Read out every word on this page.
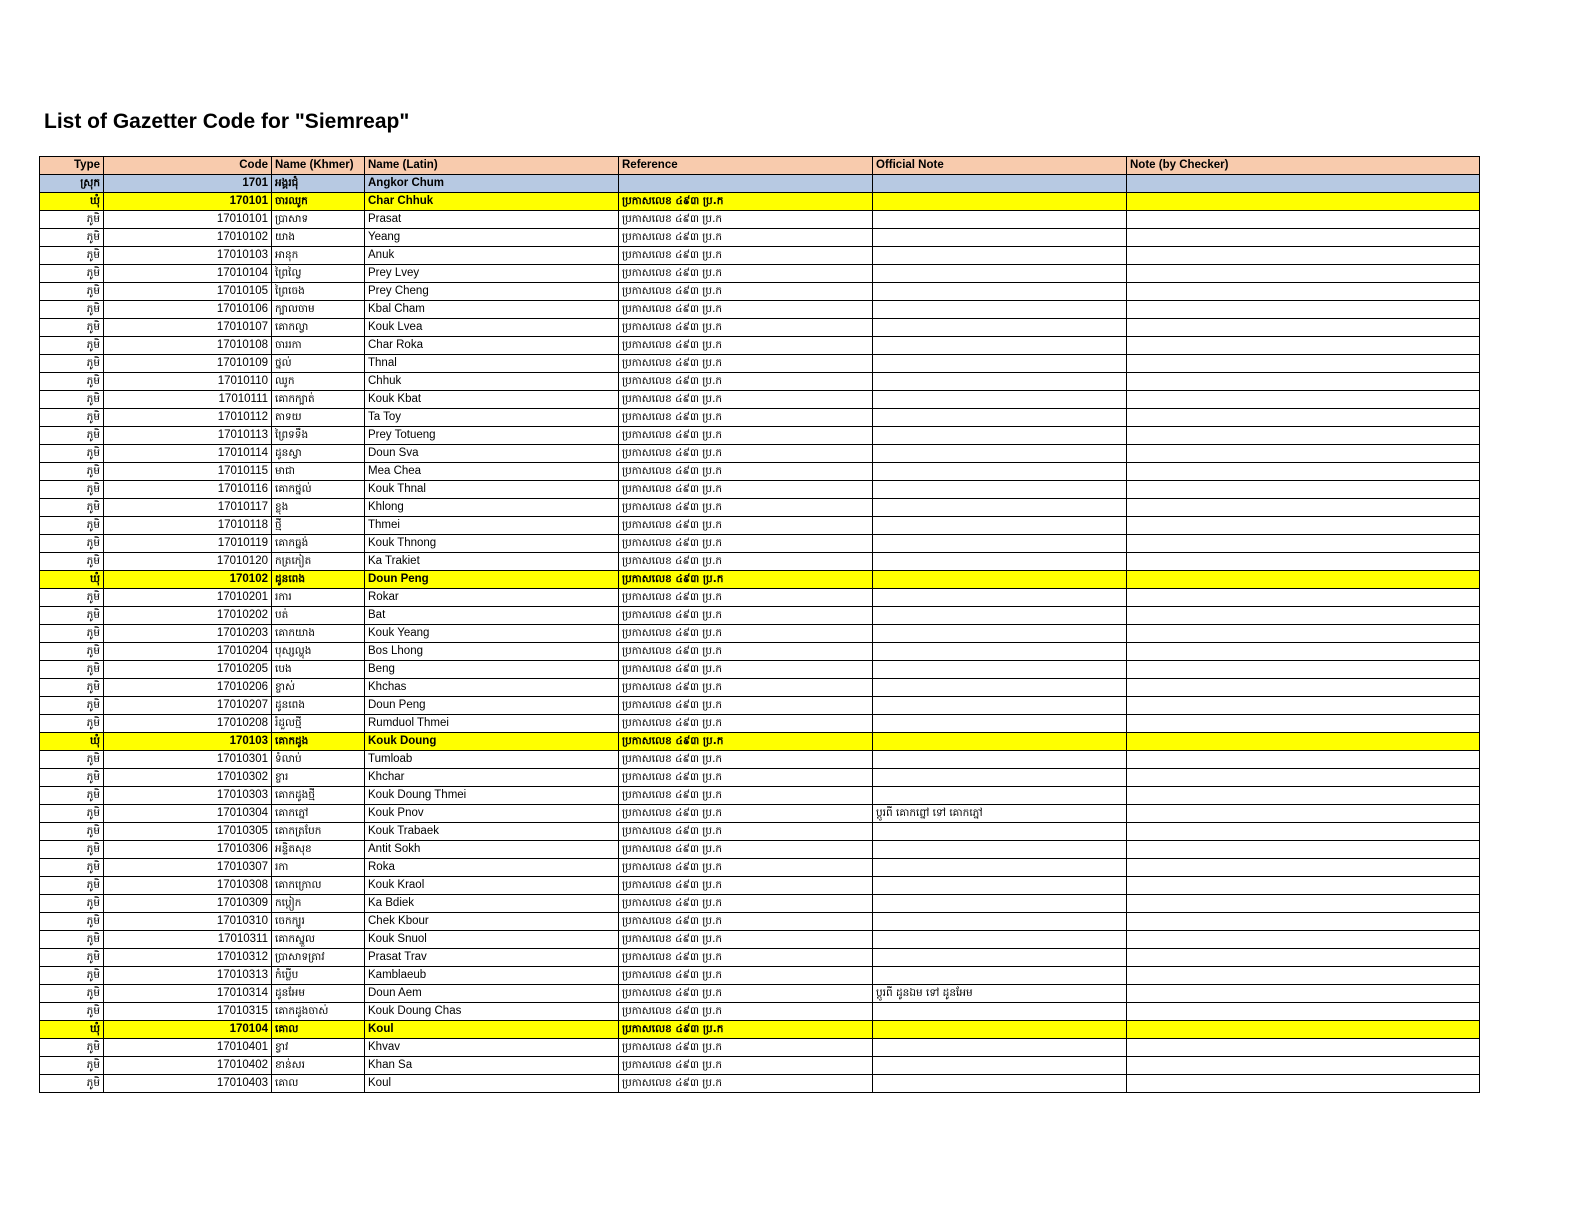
List of Gazetter Code for "Siemreap"
Type	Code	Name (Khmer)	Name (Latin)	Reference	Official Note	Note (by Checker)
ស្រុក	1701	អង្គរជុំ	Angkor Chum			
ឃុំ	170101	ចារឈូក	Char Chhuk	ប្រកាសលេខ ៤៩៣ ប្រ.ក		
ភូមិ	17010101	ប្រាសាទ	Prasat	ប្រកាសលេខ ៤៩៣ ប្រ.ក		
ភូមិ	17010102	យាង	Yeang	ប្រកាសលេខ ៤៩៣ ប្រ.ក		
ភូមិ	17010103	អានុក	Anuk	ប្រកាសលេខ ៤៩៣ ប្រ.ក		
ភូមិ	17010104	ព្រៃល្វៃ	Prey Lvey	ប្រកាសលេខ ៤៩៣ ប្រ.ក		
ភូមិ	17010105	ព្រៃចេង	Prey Cheng	ប្រកាសលេខ ៤៩៣ ប្រ.ក		
ភូមិ	17010106	ក្បាលចាម	Kbal Cham	ប្រកាសលេខ ៤៩៣ ប្រ.ក		
ភូមិ	17010107	គោកល្វា	Kouk Lvea	ប្រកាសលេខ ៤៩៣ ប្រ.ក		
ភូមិ	17010108	ចាររកា	Char Roka	ប្រកាសលេខ ៤៩៣ ប្រ.ក		
ភូមិ	17010109	ថ្នល់	Thnal	ប្រកាសលេខ ៤៩៣ ប្រ.ក		
ភូមិ	17010110	ឈូក	Chhuk	ប្រកាសលេខ ៤៩៣ ប្រ.ក		
ភូមិ	17010111	គោកក្បាត់	Kouk Kbat	ប្រកាសលេខ ៤៩៣ ប្រ.ក		
ភូមិ	17010112	តាទយ	Ta Toy	ប្រកាសលេខ ៤៩៣ ប្រ.ក		
ភូមិ	17010113	ព្រៃទទឹង	Prey Totueng	ប្រកាសលេខ ៤៩៣ ប្រ.ក		
ភូមិ	17010114	ដូនស្វា	Doun Sva	ប្រកាសលេខ ៤៩៣ ប្រ.ក		
ភូមិ	17010115	មាជា	Mea Chea	ប្រកាសលេខ ៤៩៣ ប្រ.ក		
ភូមិ	17010116	គោកថ្នល់	Kouk Thnal	ប្រកាសលេខ ៤៩៣ ប្រ.ក		
ភូមិ	17010117	ខ្លុង	Khlong	ប្រកាសលេខ ៤៩៣ ប្រ.ក		
ភូមិ	17010118	ថ្មី	Thmei	ប្រកាសលេខ ៤៩៣ ប្រ.ក		
ភូមិ	17010119	គោកធ្នង់	Kouk Thnong	ប្រកាសលេខ ៤៩៣ ប្រ.ក		
ភូមិ	17010120	កត្រកៀត	Ka Trakiet	ប្រកាសលេខ ៤៩៣ ប្រ.ក		
ឃុំ	170102	ដូនពេង	Doun Peng	ប្រកាសលេខ ៤៩៣ ប្រ.ក		
ភូមិ	17010201	រការ	Rokar	ប្រកាសលេខ ៤៩៣ ប្រ.ក		
ភូមិ	17010202	បត់	Bat	ប្រកាសលេខ ៤៩៣ ប្រ.ក		
ភូមិ	17010203	គោកយាង	Kouk Yeang	ប្រកាសលេខ ៤៩៣ ប្រ.ក		
ភូមិ	17010204	បុស្សល្ហុង	Bos Lhong	ប្រកាសលេខ ៤៩៣ ប្រ.ក		
ភូមិ	17010205	បេង	Beng	ប្រកាសលេខ ៤៩៣ ប្រ.ក		
ភូមិ	17010206	ខ្ចាស់	Khchas	ប្រកាសលេខ ៤៩៣ ប្រ.ក		
ភូមិ	17010207	ដូនពេង	Doun Peng	ប្រកាសលេខ ៤៩៣ ប្រ.ក		
ភូមិ	17010208	រំដួលថ្មី	Rumduol Thmei	ប្រកាសលេខ ៤៩៣ ប្រ.ក		
ឃុំ	170103	គោកដូង	Kouk Doung	ប្រកាសលេខ ៤៩៣ ប្រ.ក		
ភូមិ	17010301	ទំលាប់	Tumloab	ប្រកាសលេខ ៤៩៣ ប្រ.ក		
ភូមិ	17010302	ខ្ចារ	Khchar	ប្រកាសលេខ ៤៩៣ ប្រ.ក		
ភូមិ	17010303	គោកដូងថ្មី	Kouk Doung Thmei	ប្រកាសលេខ ៤៩៣ ប្រ.ក		
ភូមិ	17010304	គោកភ្នៅ	Kouk Pnov	ប្រកាសលេខ ៤៩៣ ប្រ.ក	ប្តូរពី គោកព្នៅ ទៅ គោកភ្នៅ	
ភូមិ	17010305	គោកត្របែក	Kouk Trabaek	ប្រកាសលេខ ៤៩៣ ប្រ.ក		
ភូមិ	17010306	អន្ទិតសុខ	Antit Sokh	ប្រកាសលេខ ៤៩៣ ប្រ.ក		
ភូមិ	17010307	រកា	Roka	ប្រកាសលេខ ៤៩៣ ប្រ.ក		
ភូមិ	17010308	គោកក្រោល	Kouk Kraol	ប្រកាសលេខ ៤៩៣ ប្រ.ក		
ភូមិ	17010309	កប្ដៀក	Ka Bdiek	ប្រកាសលេខ ៤៩៣ ប្រ.ក		
ភូមិ	17010310	ចេកក្បូរ	Chek Kbour	ប្រកាសលេខ ៤៩៣ ប្រ.ក		
ភូមិ	17010311	គោកស្នួល	Kouk Snuol	ប្រកាសលេខ ៤៩៣ ប្រ.ក		
ភូមិ	17010312	ប្រាសាទត្រាវ	Prasat Trav	ប្រកាសលេខ ៤៩៣ ប្រ.ក		
ភូមិ	17010313	កំប្លើប	Kamblaeub	ប្រកាសលេខ ៤៩៣ ប្រ.ក		
ភូមិ	17010314	ដូនអែម	Doun Aem	ប្រកាសលេខ ៤៩៣ ប្រ.ក	ប្តូរពី ដូនឯម ទៅ ដូនអែម	
ភូមិ	17010315	គោកដូងចាស់	Kouk Doung Chas	ប្រកាសលេខ ៤៩៣ ប្រ.ក		
ឃុំ	170104	គោល	Koul	ប្រកាសលេខ ៤៩៣ ប្រ.ក		
ភូមិ	17010401	ខ្វាវ	Khvav	ប្រកាសលេខ ៤៩៣ ប្រ.ក		
ភូមិ	17010402	ខាន់សរ	Khan Sa	ប្រកាសលេខ ៤៩៣ ប្រ.ក		
ភូមិ	17010403	គោល	Koul	ប្រកាសលេខ ៤៩៣ ប្រ.ក		
